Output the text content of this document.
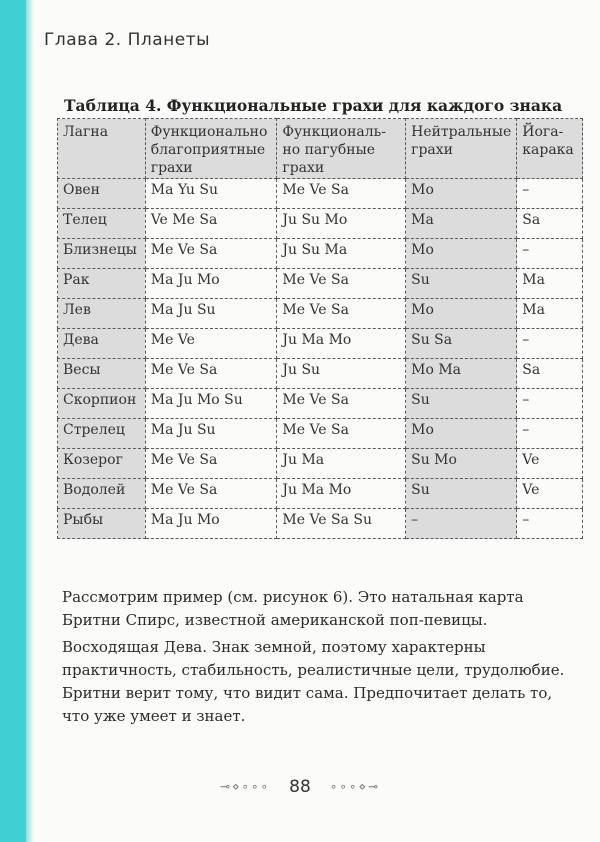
Глава 2. Планеты
Таблица 4. Функциональные грахи для каждого знака
Лагна	Функционально благоприятные грахи	Функциональ-но пагубные грахи	Нейтральные грахи	Йога-карака
Овен	Ma Yu Su	Me Ve Sa	Mo	–
Телец	Ve Me Sa	Ju Su Mo	Ma	Sa
Близнецы	Me Ve Sa	Ju Su Ma	Mo	–
Рак	Ma Ju Mo	Me Ve Sa	Su	Ma
Лев	Ma Ju Su	Me Ve Sa	Mo	Ma
Дева	Me Ve	Ju Ma Mo	Su Sa	–
Весы	Me Ve Sa	Ju Su	Mo Ma	Sa
Скорпион	Ma Ju Mo Su	Me Ve Sa	Su	–
Стрелец	Ma Ju Su	Me Ve Sa	Mo	–
Козерог	Me Ve Sa	Ju Ma	Su Mo	Ve
Водолей	Me Ve Sa	Ju Ma Mo	Su	Ve
Рыбы	Ma Ju Mo	Me Ve Sa Su	–	–
Рассмотрим пример (см. рисунок 6). Это натальная карта Бритни Спирс, известной американской поп-певицы.
Восходящая Дева. Знак земной, поэтому характерны практичность, стабильность, реалистичные цели, трудолюбие. Бритни верит тому, что видит сама. Предпочитает делать то, что уже умеет и знает.
⊸⋄∘∘∘ 88 ∘∘∘⋄⊸
